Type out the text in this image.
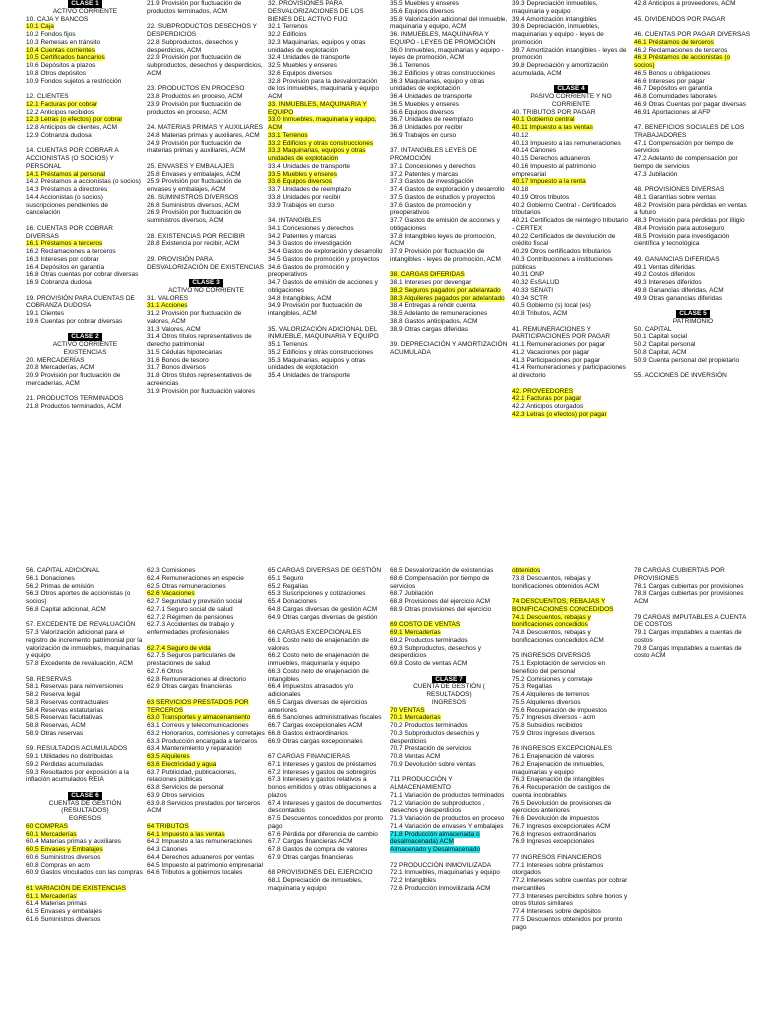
CLASE 1
ACTIVO CORRIENTE
10. CAJA Y BANCOS
10.1 Caja
10.2 Fondos fijos
10.3 Remesas en tránsito
10.4 Cuentas corrientes
10.5 Certificados bancarios
10.6 Depósitos a plazos
10.8 Otros depósitos
10.9 Fondos sujetos a restricción
12. CLIENTES
12.1 Facturas por cobrar
12.2 Anticipos recibidos
12.3 Letras (o efectos) por cobrar
12.8 Anticipos de clientes, ACM
12.9 Cobranza dudosa
14. CUENTAS POR COBRAR A ACCIONISTAS (O SOCIOS) Y PERSONAL
14.1 Préstamos al personal
14.2 Préstamos a accionistas (o socios)
14.3 Préstamos a directores
14.4 Accionistas (o socios) suscripciones pendientes de cancelación
16. CUENTAS POR COBRAR DIVERSAS
16.1 Préstamos a terceros
16.2 Reclamaciones a terceros
16.3 Intereses por cobrar
16.4 Depósitos en garantía
16.8 Otras cuentas por cobrar diversas
16.9 Cobranza dudosa
19. PROVISIÓN PARA CUENTAS DE COBRANZA DUDOSA
19.1 Clientes
19.6 Cuentas por cobrar diversas
CLASE 2
ACTIVO CORRIENTE
EXISTENCIAS
20. MERCADERÍAS
20.8 Mercaderías, ACM
20.9 Provisión por fluctuación de mercaderías, ACM
21. PRODUCTOS TERMINADOS
21.8 Productos terminados, ACM
21.9 Provisión por fluctuación de productos terminados, ACM
22. SUBPRODUCTOS DESECHOS Y DESPERDICIOS
22.8 Subproductos, desechos y desperdicios, ACM
22.9 Provisión por fluctuación de subproductos, desechos y desperdicios, ACM
23. PRODUCTOS EN PROCESO
23.8 Productos en proceso, ACM
23.9 Provisión por fluctuación de productos en proceso, ACM
24. MATERIAS PRIMAS Y AUXILIARES
24.8 Materias primas y auxiliares, ACM
24.9 Provisión por fluctuación de materias primas y auxiliares, ACM
25. ENVASES Y EMBALAJES
25.8 Envases y embalajes, ACM
25.9 Provisión por fluctuación de envases y embalajes, ACM
26. SUMINISTROS DIVERSOS
26.8 Suministros diversos, ACM
26.9 Provisión por fluctuación de suministros diversos, ACM
28. EXISTENCIAS POR RECIBIR
28.8 Existencia por recibir, ACM
29. PROVISIÓN PARA DESVALORIZACIÓN DE EXISTENCIAS
CLASE 3
ACTIVO NO CORRIENTE
31. VALORES
31.1 Acciones
31.2 Provisión por fluctuación de valores, ACM
31.3 Valores, ACM
31.4 Otros títulos representativos de derecho patrimonial
31.5 Cédulas hipotecarias
31.6 Bonos de tesoro
31.7 Bonos diversos
31.8 Otros títulos representativos de acreencias
31.9 Provisión por fluctuación valores
32. PROVISIONES PARA DESVALORIZACIONES DE LOS BIENES DEL ACTIVO FIJO
32.1 Terrenos
32.2 Edificios
32.3 Maquinarias, equipos y otras unidades de explotación
32.4 Unidades de transporte
32.5 Muebles y enseres
32.6 Equipos diversos
32.8 Provisión para la desvalorización de los inmuebles, maquinaria y equipo ACM
33. INMUEBLES, MAQUINARIA Y EQUIPO
33.0 Inmuebles, maquinaria y equipo, ACM
33.1 Terrenos
33.2 Edificios y otras construcciones
33.3 Maquinarias, equipos y otras unidades de explotación
33.4 Unidades de transporte
33.5 Muebles y enseres
33.6 Equipos diversos
33.7 Unidades de reemplazo
33.8 Unidades por recibir
33.9 Trabajos en curso
34. INTANGIBLES
34.1 Concesiones y derechos
34.2 Patentes y marcas
34.3 Gastos de investigación
34.4 Gastos de exploración y desarrollo
34.5 Gastos de promoción y proyectos
34.6 Gastos de promoción y preoperativos
34.7 Gastos de emisión de acciones y obligaciones
34.8 Intangibles, ACM
34.9 Provisión por fluctuación de intangibles, ACM
35. VALORIZACIÓN ADICIONAL DEL INMUEBLE, MAQUINARIA Y EQUIPO
35.1 Terrenos
35.2 Edificios y otras construcciones
35.3 Maquinarias, equipos y otras unidades de explotación
35.4 Unidades de transporte
35.5 Muebles y enseres
35.6 Equipos diversos
35.8 Valorización adicional del inmueble, maquinaria y equipo, ACM
36. INMUEBLES, MAQUINARIA Y EQUIPO - LEYES DE PROMOCIÓN
36.0 Inmuebles, maquinarias y equipo - leyes de promoción, ACM
36.1 Terrenos
36.2 Edificios y otras construcciones
36.3 Maquinarias, equipo y otras unidades de explotación
36.4 Unidades de transporte
36.5 Muebles y enseres
36.6 Equipos diversos
36.7 Unidades de reemplazo
36.8 Unidades por recibir
36.9 Trabajos en curso
37. INTANGIBLES LEYES DE PROMOCIÓN
37.1 Concesiones y derechos
37.2 Patentes y marcas
37.3 Gastos de investigación
37.4 Gastos de exploración y desarrollo
37.5 Gastos de estudios y proyectos
37.6 Gastos de promoción y preoperativos
37.7 Gastos de emisión de acciones y obligaciones
37.8 Intangibles leyes de promoción, ACM
37.9 Provisión por fluctuación de intangibles - leyes de promoción, ACM
38. CARGAS DIFERIDAS
38.1 Intereses por devengar
38.2 Seguros pagados por adelantado
38.3 Alquileres pagados por adelantado
38.4 Entregas a rendir cuenta
38.5 Adelanto de remuneraciones
38.8 Gastos anticipados, ACM
38.9 Otras cargas diferidas
39. DEPRECIACIÓN Y AMORTIZACIÓN ACUMULADA
39.3 Depreciación inmuebles, maquinaria y equipo
39.4 Amortización intangibles
39.6 Depreciación, inmuebles, maquinarias y equipo - leyes de promoción
39.7 Amortización intangibles - leyes de promoción
39.8 Depreciación y amortización acumulada, ACM
CLASE 4
PASIVO CORRIENTE Y NO CORRIENTE
40. TRIBUTOS POR PAGAR
40.1 Gobierno central
40.11 Impuesto a las ventas
40.12
40.13 Impuesto a las remuneraciones
40.14 Cánones
40.15 Derechos aduaneros
40.16 Impuesto al patrimonio empresarial
40.17 Impuesto a la renta
40.18
40.19 Otros tributos
40.2 Gobierno Central - Certificados tributarios
40.21 Certificados de reintegro tributario - CERTEX
40.22 Certificados de devolución de crédito fiscal
40.29 Otros certificados tributarios
40.3 Contribuciones a instituciones públicas
40.31 ONP
40.32 EsSALUD
40.33 SENATI
40.34 SCTR
40.5 Gobierno (s) local (es)
40.8 Tributos, ACM
41. REMUNERACIONES Y PARTICIPACIONES POR PAGAR
41.1 Remuneraciones por pagar
41.2 Vacaciones por pagar
41.3 Participaciones por pagar
41.4 Remuneraciones y participaciones al directorio
42. PROVEEDORES
42.1 Facturas por pagar
42.2 Anticipos otorgados
42.3 Letras (o efectos) por pagar
42.8 Anticipos a proveedores, ACM
45. DIVIDENDOS POR PAGAR
46. CUENTAS POR PAGAR DIVERSAS
46.1 Préstamos de terceros
46.2 Reclamaciones de terceros
46.3 Préstamos de accionistas (o socios)
46.5 Bonos u obligaciones
46.6 Intereses por pagar
46.7 Depósitos en garantía
46.8 Comunidades laborales
46.9 Otras Cuentas por pagar diversas
46.91 Aportaciones al AFP
47. BENEFICIOS SOCIALES DE LOS TRABAJADORES
47.1 Compensación por tiempo de servicios
47.2 Adelanto de compensación por tiempo de servicios
47.3 Jubilación
48. PROVISIONES DIVERSAS
48.1 Garantías sobre ventas
48.2 Provisión para pérdidas en ventas a futuro
48.3 Provisión para pérdidas por litigio
48.4 Provisión para autoseguro
48.5 Provisión para investigación científica y tecnológica
49. GANANCIAS DIFERIDAS
49.1 Ventas diferidas
49.2 Costos diferidos
49.3 Intereses diferidos
49.8 Ganancias diferidas, ACM
49.9 Otras ganancias diferidas
CLASE 5
PATRIMONIO
50. CAPITAL
50.1 Capital social
50.2 Capital personal
50.8 Capital, ACM
50.9 Cuenta personal del propietario
55. ACCIONES DE INVERSIÓN
56. CAPITAL ADICIONAL
56.1 Donaciones
56.2 Primas de emisión
56.3 Otros aportes de accionistas (o socios)
56.8 Capital adicional, ACM
57. EXCEDENTE DE REVALUACIÓN
57.3 Valorización adicional para el registro de incremento patrimonial por la valorización de inmuebles, maquinarias y equipo
57.8 Excedente de revaluación, ACM
58. RESERVAS
58.1 Reservas para reinversiones
58.2 Reserva legal
58.3 Reservas contractuales
58.4 Reservas estatutarias
58.5 Reservas facultativas
58.8 Reservas, ACM
58.9 Otras reservas
59. RESULTADOS ACUMULADOS
59.1 Utilidades no distribuidas
59.2 Pérdidas acumuladas
59.3 Resultados por exposición a la inflación acumulados REIA
CLASE 6
CUENTAS DE GESTIÓN
(RESULTADOS)
EGRESOS
60 COMPRAS
60.1 Mercaderías
60.4 Materias primas y auxiliares
60.5 Envases y Embalajes
60.6 Suministros diversos
60.8 Compras en acm
60.9 Gastos vinculados con las compras
61 VARIACIÓN DE EXISTENCIAS
61.1 Mercaderías
61.4 Materias primas
61.5 Envases y embalajes
61.6 Suministros diversos
62.3 Comisiones
62.4 Remuneraciones en especie
62.5 Otras remuneraciones
62.6 Vacaciones
62.7 Seguridad y previsión social
62.7.1 Seguro social de salud
62.7.2 Régimen de pensiones
62.7.3 Accidentes de trabajo y enfermedades profesionales
62.7.4 Seguro de vida
62.7.5 Seguros particulares de prestaciones de salud
62.7.6 Otros
62.8 Remuneraciones al directorio
62.9 Otras cargas financieras
63 SERVICIOS PRESTADOS POR TERCEROS
63.0 Transportes y almacenamiento
63.1 Correos y telecomunicaciones
63.2 Honorarios, comisiones y corretajes
63.3 Producción encargada a terceros
63.4 Mantenimiento y reparación
63.5 Alquileres
63.6 Electricidad y agua
63.7 Publicidad, publicaciones, relaciones públicas
63.8 Servicios de personal
63.9 Otros servicios
63.9.8 Servicios prestados por terceros ACM
64 TRIBUTOS
64.1 Impuesto a las ventas
64.2 Impuesto a las remuneraciones
64.3 Cánones
64.4 Derechos aduaneros por ventas
64.5 Impuesto al patrimonio empresarial
64.6 Tributos a gobiernos locales
65 CARGAS DIVERSAS DE GESTIÓN
65.1 Seguro
65.2 Regalías
65.3 Suscripciones y cotizaciones
65.4 Donaciones
64.8 Cargas diversas de gestión ACM
64.9 Otras cargas diversas de gestión
66 CARGAS EXCEPCIONALES
66.1 Costo neto de enajenación de valores
66.2 Costo neto de enajenación de inmuebles, maquinaria y equipo
66.3 Costo neto de enajenación de intangibles
66.4 Impuestos atrasados y/o adicionales
66.5 Cargas diversas de ejercicios anteriores
66.6 Sanciones administrativas fiscales
66.7 Cargas excepcionales ACM
66.8 Gastos extraordinarios
66.9 Otras cargas excepcionales
67 CARGAS FINANCIERAS
67.1 Intereses y gastos de préstamos
67.2 Intereses y gastos de sobregiros
67.3 Intereses y gastos relativos a bonos emitidos y otras obligaciones a plazos
67.4 Intereses y gastos de documentos descontados
67.5 Descuentos concedidos por pronto pago
67.6 Pérdida por diferencia de cambio
67.7 Cargas financieras ACM
67.8 Gastos de compra de valores
67.9 Otras cargas financieras
68 PROVISIONES DEL EJERCICIO
68.1 Depreciación de inmuebles, maquinaria y equipo
68.5 Desvalorización de existencias
68.6 Compensación por tiempo de servicios
68.7 Jubilación
68.8 Provisiones del ejercicio ACM
68.9 Otras provisiones del ejercicio
69 COSTO DE VENTAS
69.1 Mercaderías
69.2 Productos terminados
69.3 Subproductos, desechos y desperdicios
69.8 Costo de ventas ACM
CLASE 7
CUENTA DE GESTIÓN (
RESULTADOS)
INGRESOS
70 VENTAS
70.1 Mercaderías
70.2 Productos terminados
70.3 Subproductos desechos y desperdicios
70.7 Prestación de servicios
70.8 Ventas ACM
70.9 Devolución sobre ventas
711 PRODUCCIÓN Y ALMACENAMIENTO
71.1 Variación de productos terminados
71.2 Variación de subproductos , desechos y desperdicios
71.3 Variación de productos en proceso
71.4 Variación de envases Y embalajes
71.8 Producción almacenada o desalmacenada) ACM
Almacenado y Desalmacenado
72 PRODUCCIÓN INMOVILIZADA
72.1 Inmuebles, maquinarias y equipo
72.2 Intangibles
72.6 Producción inmovilizada ACM
obtenidos
73.8 Descuentos, rebajas y bonificaciones obtenidos ACM
74 DESCUENTOS, REBAJAS Y BONIFICACIONES CONCEDIDOS
74.1 Descuentos, rebajas y bonificaciones concedidos
74.8 Descuentos, rebajas y bonificaciones concedidos ACM
75 INGRESOS DIVERSOS
75.1 Explotación de servicios en beneficio del personal
75.2 Comisiones y corretaje
75.3 Regalías
75.4 Alquileres de terrenos
75.5 Alquileres diversos
75.6 Recuperación de impuestos
75.7 Ingresos diversos - acm
75.8 Subsidios recibidos
75.9 Otros ingresos diversos
76 INGRESOS EXCEPCIONALES
76.1 Enajenación de valores
76.2 Enajenación de inmuebles, maquinarias y equipo
76.3 Enajenación de intangibles
76.4 Recuperación de castigos de cuenta incobrables
76.5 Devolución de provisiones de ejercicios anteriores
76.6 Devolución de impuestos
76.7 Ingresos excepcionales ACM
76.8 Ingresos extraordinarios
76.9 Ingresos excepcionales
77 INGRESOS FINANCIEROS
77.1 Intereses sobre préstamos otorgados
77.2 Intereses sobre cuentas por cobrar mercantiles
77.3 Intereses percibidos sobre bonos y otros títulos similares
77.4 Intereses sobre depósitos
77.5 Descuentos obtenidos por pronto pago
78 CARGAS CUBIERTAS POR PROVISIONES
78.1 Cargas cubiertas por provisiones
78.8 Cargas cubiertas por provisiones ACM
79 CARGAS IMPUTABLES A CUENTA DE COSTOS
79.1 Cargas imputables a cuentas de costos
79.8 Cargas imputables a cuentas de costo ACM
